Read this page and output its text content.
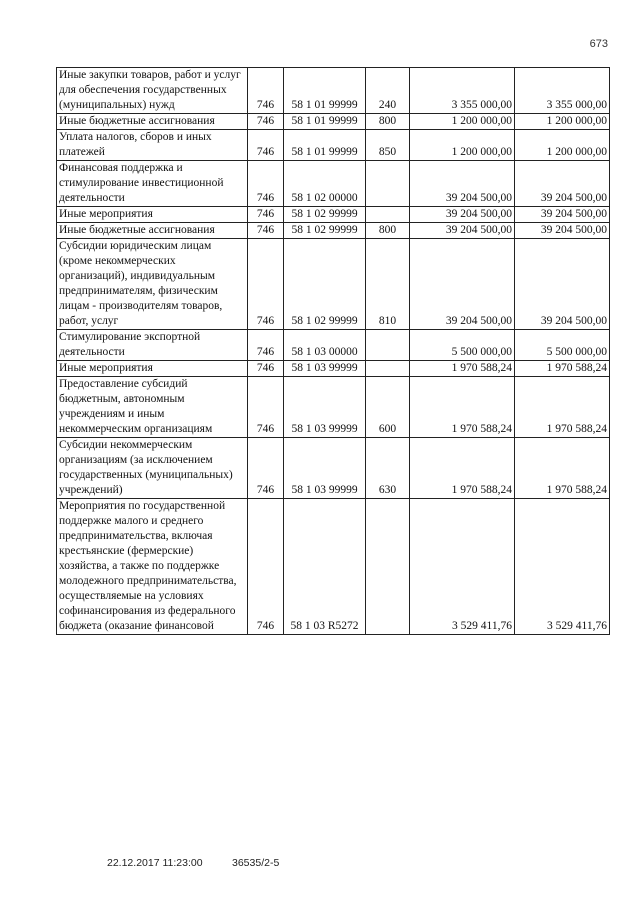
673
Иные закупки товаров, работ и услуг для обеспечения государственных (муниципальных) нужд	746	58 1 01 99999	240	3 355 000,00	3 355 000,00
Иные бюджетные ассигнования	746	58 1 01 99999	800	1 200 000,00	1 200 000,00
Уплата налогов, сборов и иных платежей	746	58 1 01 99999	850	1 200 000,00	1 200 000,00
Финансовая поддержка и стимулирование инвестиционной деятельности	746	58 1 02 00000		39 204 500,00	39 204 500,00
Иные мероприятия	746	58 1 02 99999		39 204 500,00	39 204 500,00
Иные бюджетные ассигнования	746	58 1 02 99999	800	39 204 500,00	39 204 500,00
Субсидии юридическим лицам (кроме некоммерческих организаций), индивидуальным предпринимателям, физическим лицам - производителям товаров, работ, услуг	746	58 1 02 99999	810	39 204 500,00	39 204 500,00
Стимулирование экспортной деятельности	746	58 1 03 00000		5 500 000,00	5 500 000,00
Иные мероприятия	746	58 1 03 99999		1 970 588,24	1 970 588,24
Предоставление субсидий бюджетным, автономным учреждениям и иным некоммерческим организациям	746	58 1 03 99999	600	1 970 588,24	1 970 588,24
Субсидии некоммерческим организациям (за исключением государственных (муниципальных) учреждений)	746	58 1 03 99999	630	1 970 588,24	1 970 588,24
Мероприятия по государственной поддержке малого и среднего предпринимательства, включая крестьянские (фермерские) хозяйства, а также по поддержке молодежного предпринимательства, осуществляемые на условиях софинансирования из федерального бюджета (оказание финансовой	746	58 1 03 R5272		3 529 411,76	3 529 411,76
22.12.2017 11:23:00	36535/2-5
